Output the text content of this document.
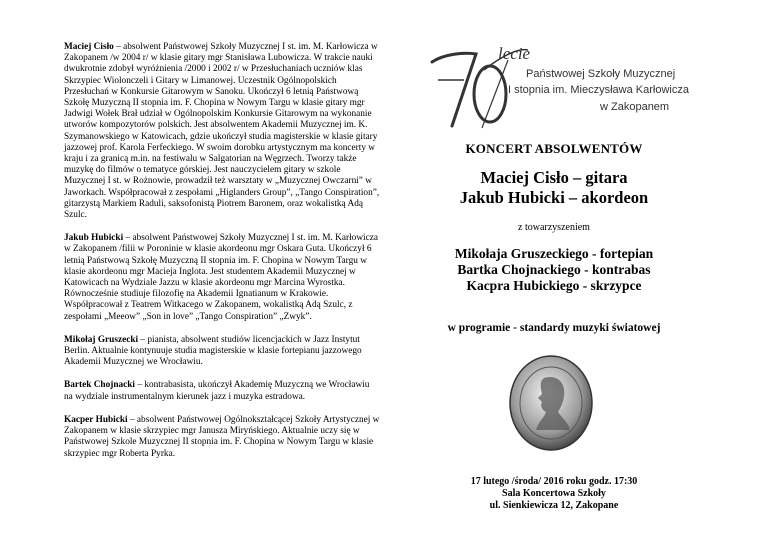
Maciej Cisło – absolwent Państwowej Szkoły Muzycznej I st. im. M. Karłowicza w Zakopanem /w 2004 r/ w klasie gitary mgr Stanisława Lubowicza. W trakcie nauki dwukrotnie zdobył wyróżnienia /2000 i 2002 r/ w Przesłuchaniach uczniów klas Skrzypiec Wiolonczeli i Gitary w Limanowej. Uczestnik Ogólnopolskich Przesłuchań w Konkursie Gitarowym w Sanoku. Ukończył 6 letnią Państwową Szkołę Muzyczną II stopnia im. F. Chopina w Nowym Targu w klasie gitary mgr Jadwigi Wołek Brał udział w Ogólnopolskim Konkursie Gitarowym na wykonanie utworów kompozytorów polskich. Jest absolwentem Akademii Muzycznej im. K. Szymanowskiego w Katowicach, gdzie ukończył studia magisterskie w klasie gitary jazzowej prof. Karola Ferfeckiego. W swoim dorobku artystycznym ma koncerty w kraju i za granicą m.in. na festiwalu w Salgatorian na Węgrzech. Tworzy także muzykę do filmów o tematyce górskiej. Jest nauczycielem gitary w szkole Muzycznej I st. w Rożnowie, prowadził też warsztaty w „Muzycznej Owczarni” w Jaworkach. Współpracował z zespołami „Higlanders Group”, „Tango Conspiration”, gitarzystą Markiem Raduli, saksofonistą Piotrem Baronem, oraz wokalistką Adą Szulc.

Jakub Hubicki – absolwent Państwowej Szkoły Muzycznej I st. im. M. Karłowicza w Zakopanem /filii w Poroninie w klasie akordeonu mgr Oskara Guta. Ukończył 6 letnią Państwową Szkołę Muzyczną II stopnia im. F. Chopina w Nowym Targu w klasie akordeonu mgr Macieja Inglota. Jest studentem Akademii Muzycznej w Katowicach na Wydziale Jazzu w klasie akordeonu mgr Marcina Wyrostka. Równocześnie studiuje filozofię na Akademii Ignatianum w Krakowie. Współpracował z Teatrem Witkacego w Zakopanem, wokalistką Adą Szulc, z zespołami „Meeow” „Son in love” „Tango Conspiration” „Zwyk”.

Mikołaj Gruszecki – pianista, absolwent studiów licencjackich w Jazz Instytut Berlin. Aktualnie kontynuuje studia magisterskie w klasie fortepianu jazzowego Akademii Muzycznej we Wrocławiu.

Bartek Chojnacki – kontrabasista, ukończył Akademię Muzyczną we Wrocławiu na wydziale instrumentalnym kierunek jazz i muzyka estradowa.

Kacper Hubicki – absolwent Państwowej Ogólnokształcącej Szkoły Artystycznej w Zakopanem w klasie skrzypiec mgr Janusza Miryńskiego. Aktualnie uczy się w Państwowej Szkole Muzycznej II stopnia im. F. Chopina w Nowym Targu w klasie skrzypiec mgr Roberta Pyrka.

lecie
Państwowej Szkoły Muzycznej
I stopnia im. Mieczysława Karłowicza
w Zakopanem
KONCERT ABSOLWENTÓW
Maciej Cisło – gitara
Jakub Hubicki – akordeon
z towarzyszeniem
Mikołaja Gruszeckiego - fortepian
Bartka Chojnackiego - kontrabas
Kacpra Hubickiego - skrzypce
w programie - standardy muzyki światowej
17 lutego /środa/ 2016 roku godz. 17:30
Sala Koncertowa Szkoły
ul. Sienkiewicza 12, Zakopane
